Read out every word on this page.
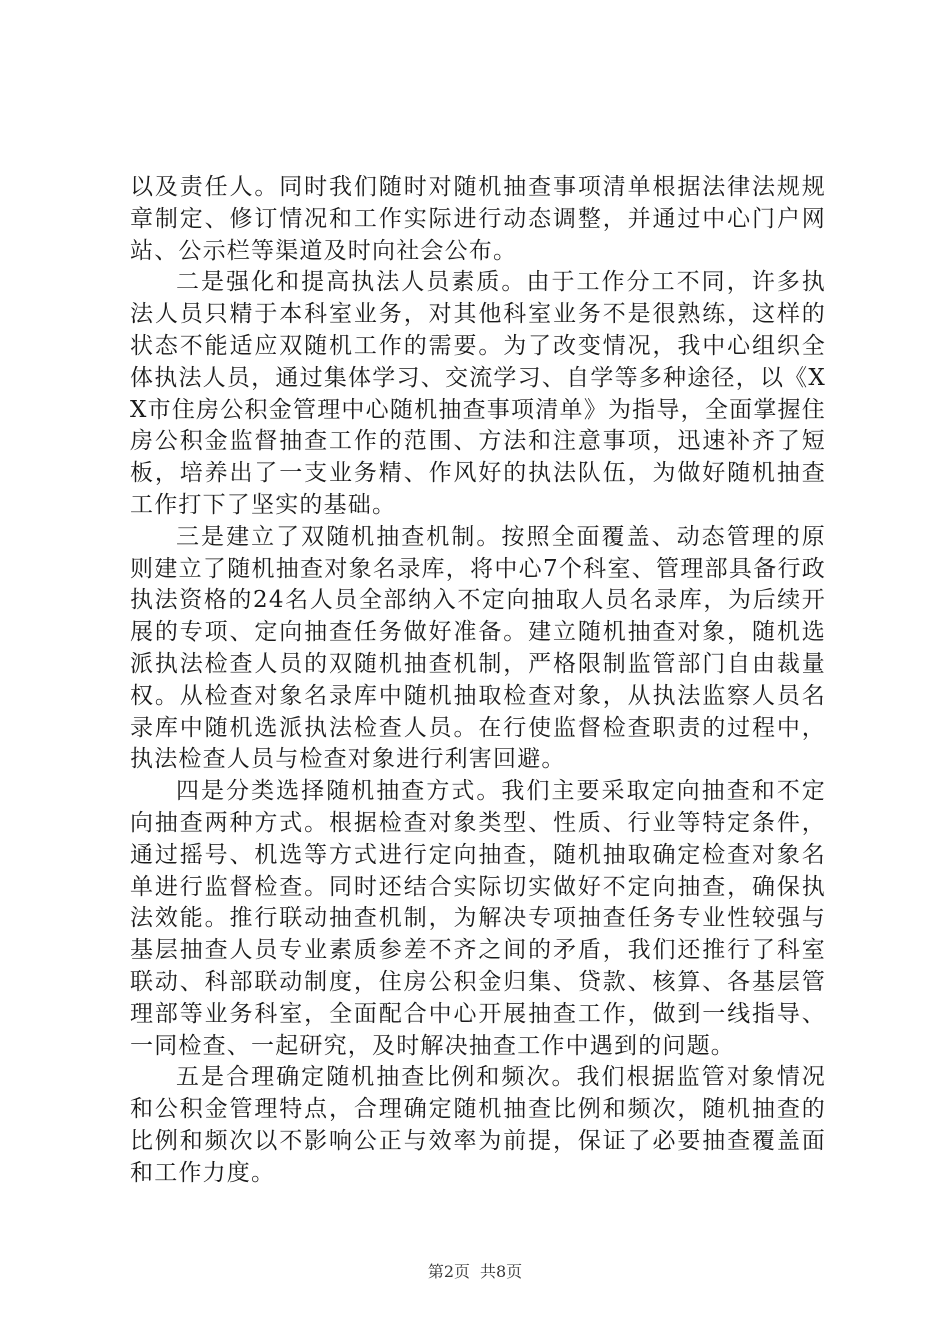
以及责任人。同时我们随时对随机抽查事项清单根据法律法规规章制定、修订情况和工作实际进行动态调整，并通过中心门户网站、公示栏等渠道及时向社会公布。

二是强化和提高执法人员素质。由于工作分工不同，许多执法人员只精于本科室业务，对其他科室业务不是很熟练，这样的状态不能适应双随机工作的需要。为了改变情况，我中心组织全体执法人员，通过集体学习、交流学习、自学等多种途径，以《XX市住房公积金管理中心随机抽查事项清单》为指导，全面掌握住房公积金监督抽查工作的范围、方法和注意事项，迅速补齐了短板，培养出了一支业务精、作风好的执法队伍，为做好随机抽查工作打下了坚实的基础。

三是建立了双随机抽查机制。按照全面覆盖、动态管理的原则建立了随机抽查对象名录库，将中心7个科室、管理部具备行政执法资格的24名人员全部纳入不定向抽取人员名录库，为后续开展的专项、定向抽查任务做好准备。建立随机抽查对象，随机选派执法检查人员的双随机抽查机制，严格限制监管部门自由裁量权。从检查对象名录库中随机抽取检查对象，从执法监察人员名录库中随机选派执法检查人员。在行使监督检查职责的过程中，执法检查人员与检查对象进行利害回避。

四是分类选择随机抽查方式。我们主要采取定向抽查和不定向抽查两种方式。根据检查对象类型、性质、行业等特定条件，通过摇号、机选等方式进行定向抽查，随机抽取确定检查对象名单进行监督检查。同时还结合实际切实做好不定向抽查，确保执法效能。推行联动抽查机制，为解决专项抽查任务专业性较强与基层抽查人员专业素质参差不齐之间的矛盾，我们还推行了科室联动、科部联动制度，住房公积金归集、贷款、核算、各基层管理部等业务科室，全面配合中心开展抽查工作，做到一线指导、一同检查、一起研究，及时解决抽查工作中遇到的问题。

五是合理确定随机抽查比例和频次。我们根据监管对象情况和公积金管理特点，合理确定随机抽查比例和频次，随机抽查的比例和频次以不影响公正与效率为前提，保证了必要抽查覆盖面和工作力度。

第2页 共8页
